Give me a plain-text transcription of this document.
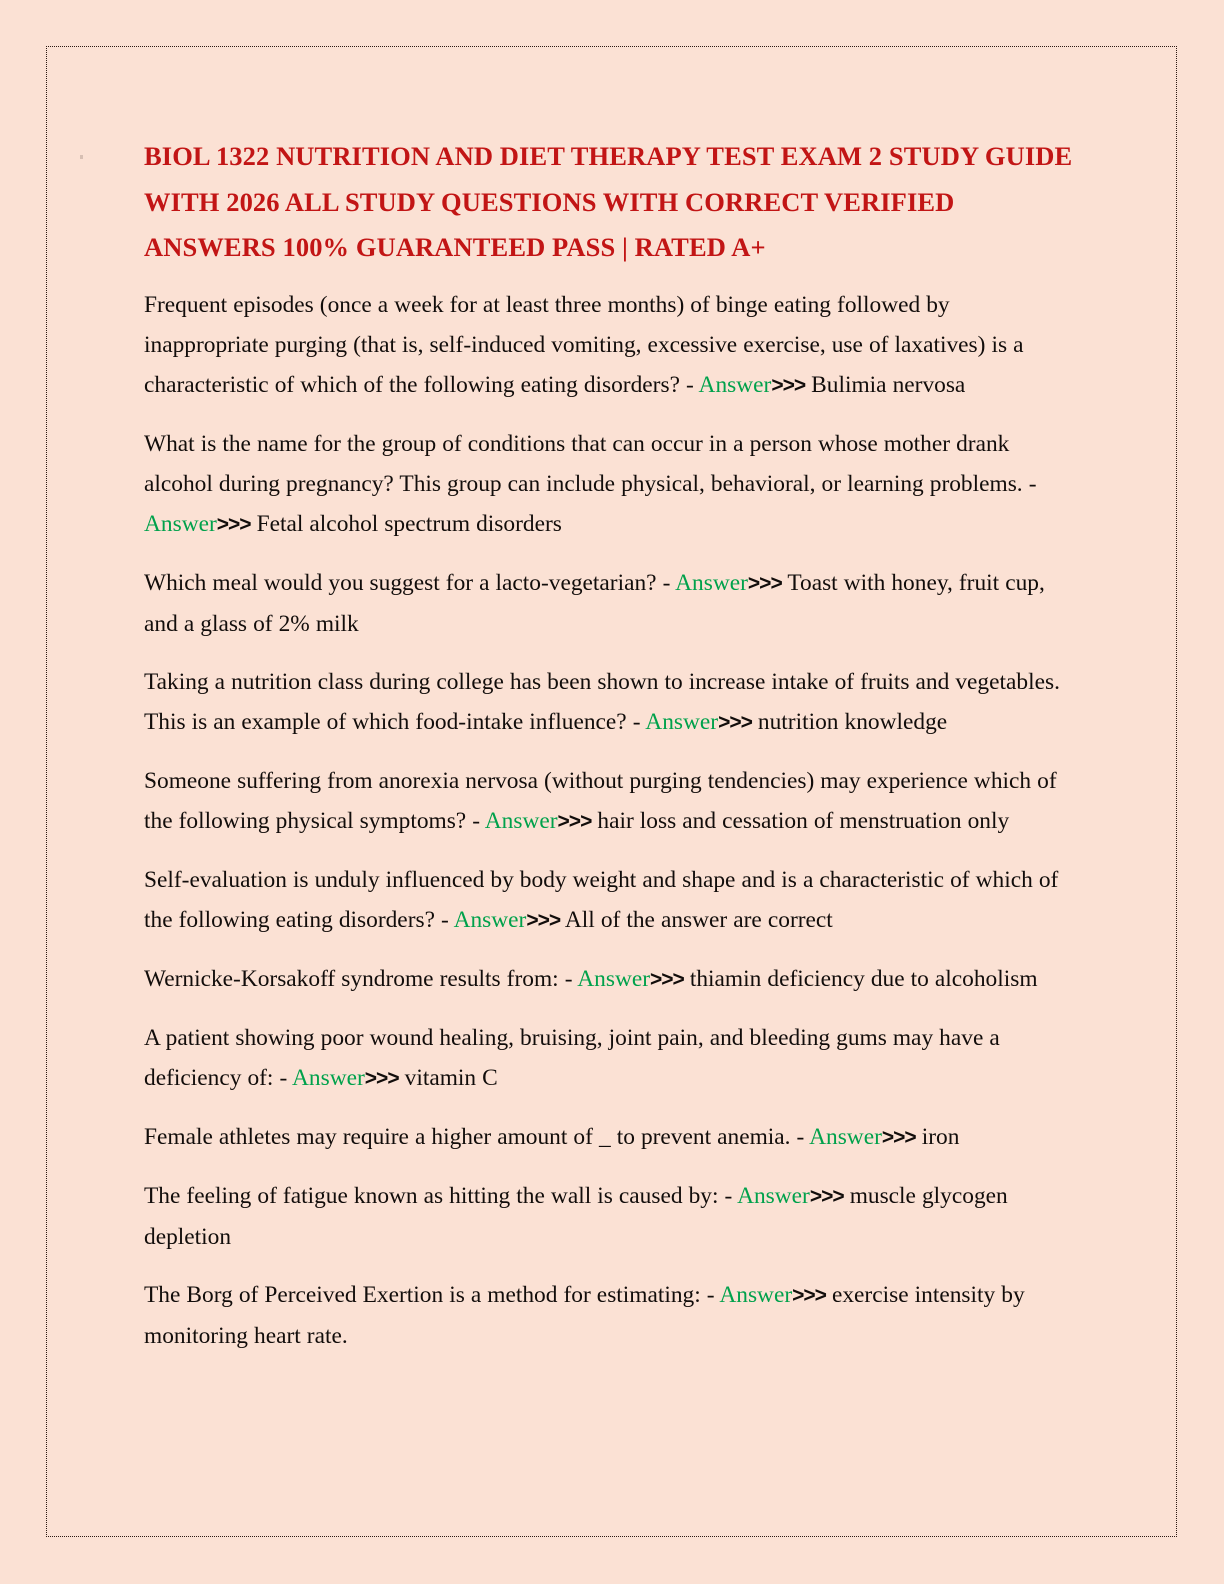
BIOL 1322 NUTRITION AND DIET THERAPY TEST EXAM 2 STUDY GUIDE WITH 2026 ALL STUDY QUESTIONS WITH CORRECT VERIFIED ANSWERS 100% GUARANTEED PASS | RATED A+

Frequent episodes (once a week for at least three months) of binge eating followed by inappropriate purging (that is, self-induced vomiting, excessive exercise, use of laxatives) is a characteristic of which of the following eating disorders? - Answer>>> Bulimia nervosa

What is the name for the group of conditions that can occur in a person whose mother drank alcohol during pregnancy? This group can include physical, behavioral, or learning problems. - Answer>>> Fetal alcohol spectrum disorders

Which meal would you suggest for a lacto-vegetarian? - Answer>>> Toast with honey, fruit cup, and a glass of 2% milk

Taking a nutrition class during college has been shown to increase intake of fruits and vegetables. This is an example of which food-intake influence? - Answer>>> nutrition knowledge

Someone suffering from anorexia nervosa (without purging tendencies) may experience which of the following physical symptoms? - Answer>>> hair loss and cessation of menstruation only

Self-evaluation is unduly influenced by body weight and shape and is a characteristic of which of the following eating disorders? - Answer>>> All of the answer are correct

Wernicke-Korsakoff syndrome results from: - Answer>>> thiamin deficiency due to alcoholism

A patient showing poor wound healing, bruising, joint pain, and bleeding gums may have a deficiency of: - Answer>>> vitamin C

Female athletes may require a higher amount of _ to prevent anemia. - Answer>>> iron

The feeling of fatigue known as hitting the wall is caused by: - Answer>>> muscle glycogen depletion

The Borg of Perceived Exertion is a method for estimating: - Answer>>> exercise intensity by monitoring heart rate.
